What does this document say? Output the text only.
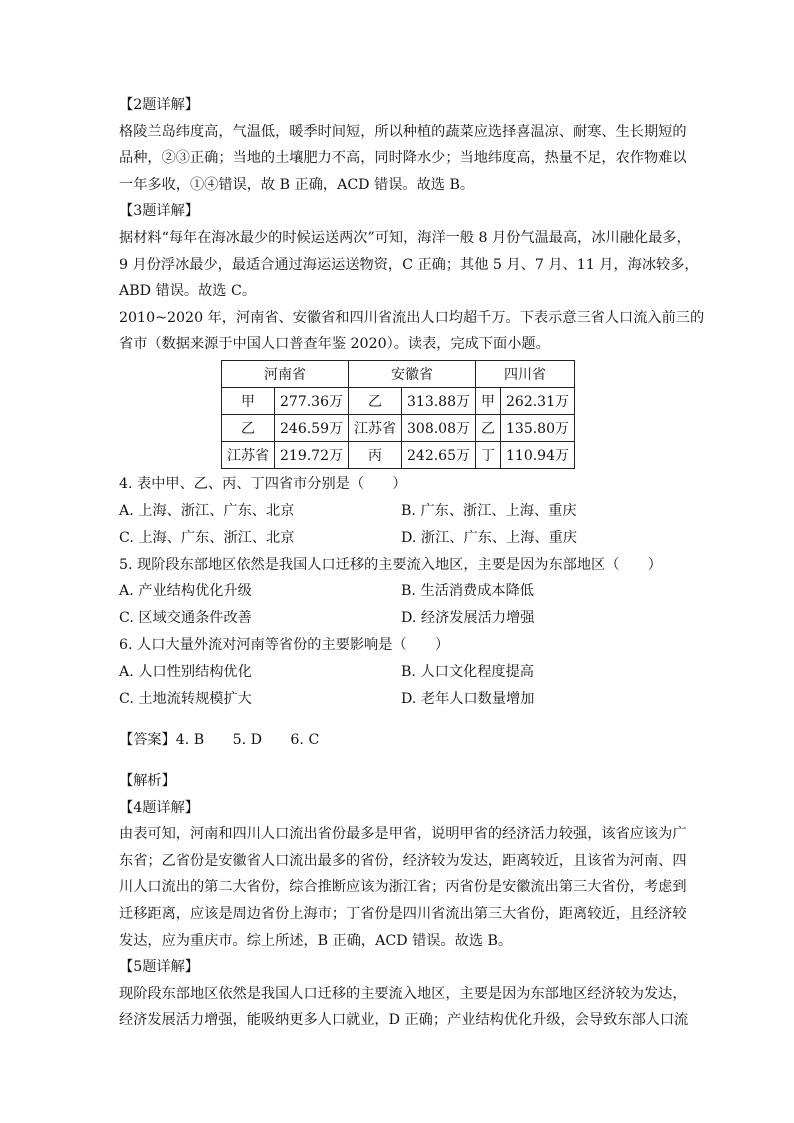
【2题详解】

格陵兰岛纬度高，气温低，暖季时间短，所以种植的蔬菜应选择喜温凉、耐寒、生长期短的

品种，②③正确；当地的土壤肥力不高，同时降水少；当地纬度高，热量不足，农作物难以

一年多收，①④错误，故 B 正确，ACD 错误。故选 B。

【3题详解】

据材料“每年在海冰最少的时候运送两次”可知，海洋一般 8 月份气温最高，冰川融化最多，

9 月份浮冰最少，最适合通过海运运送物资，C 正确；其他 5 月、7 月、11 月，海冰较多，

ABD 错误。故选 C。

2010~2020 年，河南省、安徽省和四川省流出人口均超千万。下表示意三省人口流入前三的

省市（数据来源于中国人口普查年鉴 2020）。读表，完成下面小题。

河南省		安徽省		四川省	
甲	277.36万	乙	313.88万	甲	262.31万
乙	246.59万	江苏省	308.08万	乙	135.80万
江苏省	219.72万	丙	242.65万	丁	110.94万

4. 表中甲、乙、丙、丁四省市分别是（　　）

A. 上海、浙江、广东、北京	B. 广东、浙江、上海、重庆
C. 上海、广东、浙江、北京	D. 浙江、广东、上海、重庆

5. 现阶段东部地区依然是我国人口迁移的主要流入地区，主要是因为东部地区（　　）

A. 产业结构优化升级	B. 生活消费成本降低
C. 区域交通条件改善	D. 经济发展活力增强

6. 人口大量外流对河南等省份的主要影响是（　　）

A. 人口性别结构优化	B. 人口文化程度提高
C. 土地流转规模扩大	D. 老年人口数量增加

【答案】4. B　　5. D　　6. C

【解析】

【4题详解】

由表可知，河南和四川人口流出省份最多是甲省，说明甲省的经济活力较强，该省应该为广

东省；乙省份是安徽省人口流出最多的省份，经济较为发达，距离较近，且该省为河南、四

川人口流出的第二大省份，综合推断应该为浙江省；丙省份是安徽流出第三大省份，考虑到

迁移距离，应该是周边省份上海市；丁省份是四川省流出第三大省份，距离较近，且经济较

发达，应为重庆市。综上所述，B 正确，ACD 错误。故选 B。

【5题详解】

现阶段东部地区依然是我国人口迁移的主要流入地区，主要是因为东部地区经济较为发达，

经济发展活力增强，能吸纳更多人口就业，D 正确；产业结构优化升级，会导致东部人口流
